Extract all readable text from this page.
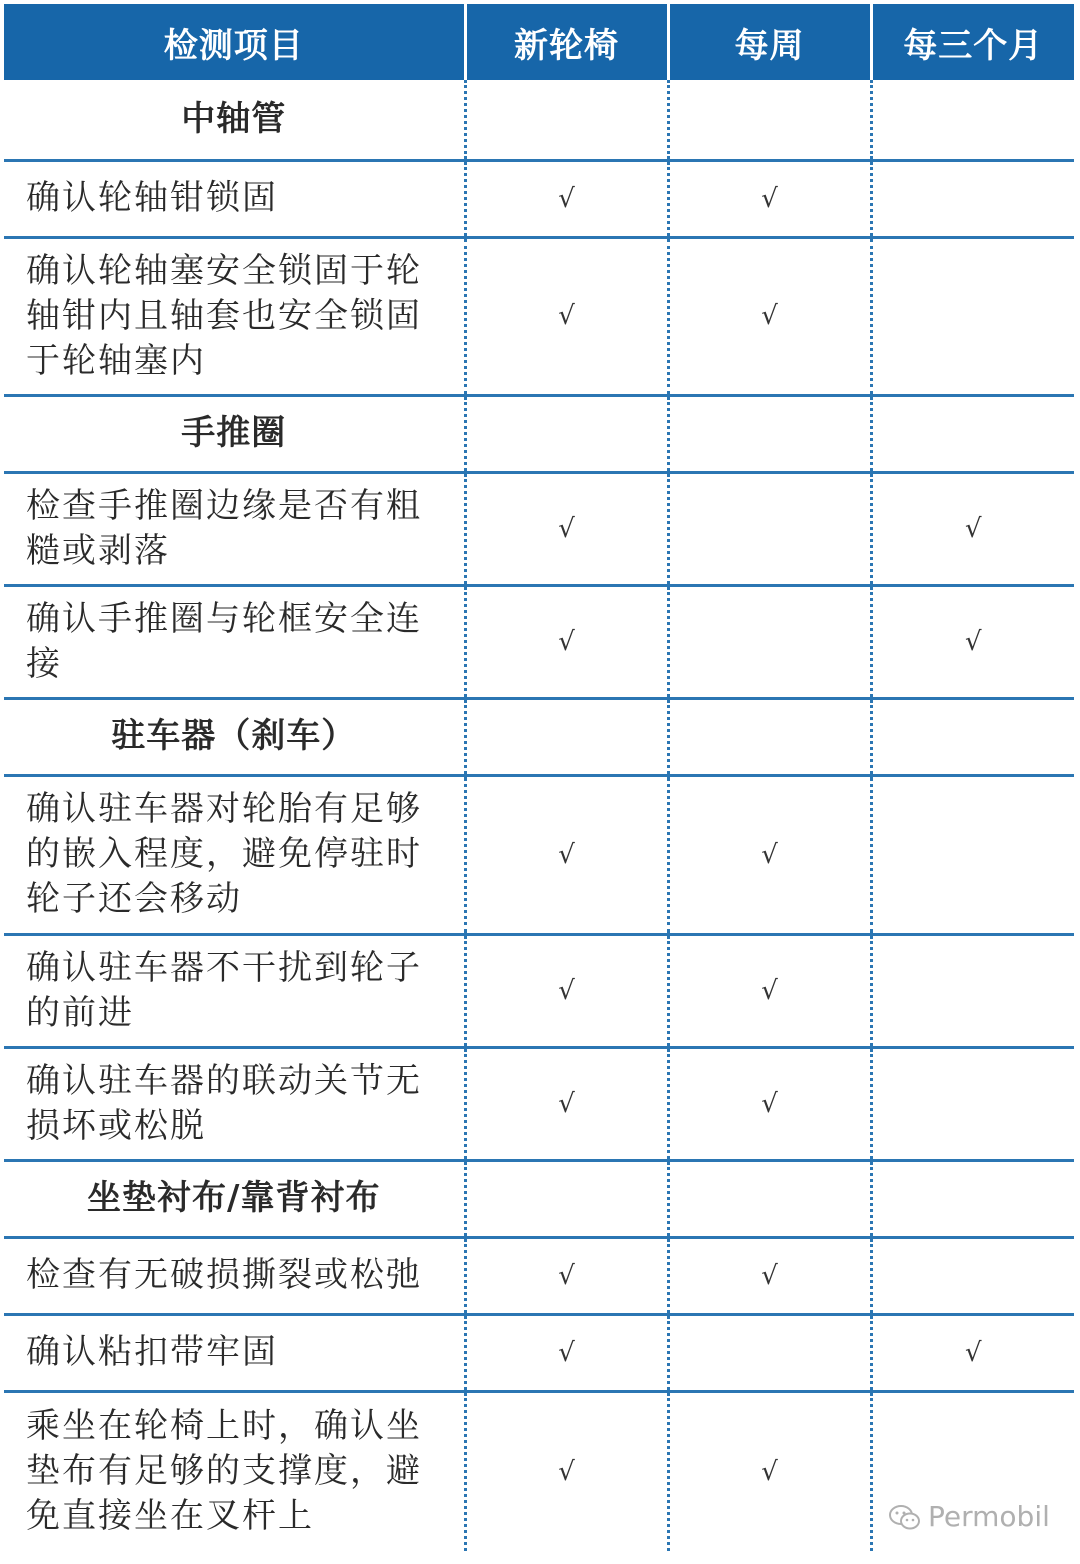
检测项目	新轮椅	每周	每三个月
中轴管			
确认轮轴钳锁固	√	√	
确认轮轴塞安全锁固于轮轴钳内且轴套也安全锁固于轮轴塞内	√	√	
手推圈			
检查手推圈边缘是否有粗糙或剥落	√		√
确认手推圈与轮框安全连接	√		√
驻车器（刹车）			
确认驻车器对轮胎有足够的嵌入程度，避免停驻时轮子还会移动	√	√	
确认驻车器不干扰到轮子的前进	√	√	
确认驻车器的联动关节无损坏或松脱	√	√	
坐垫衬布/靠背衬布			
检查有无破损撕裂或松弛	√	√	
确认粘扣带牢固	√		√
乘坐在轮椅上时，确认坐垫布有足够的支撑度，避免直接坐在叉杆上	√	√	
Permobil
